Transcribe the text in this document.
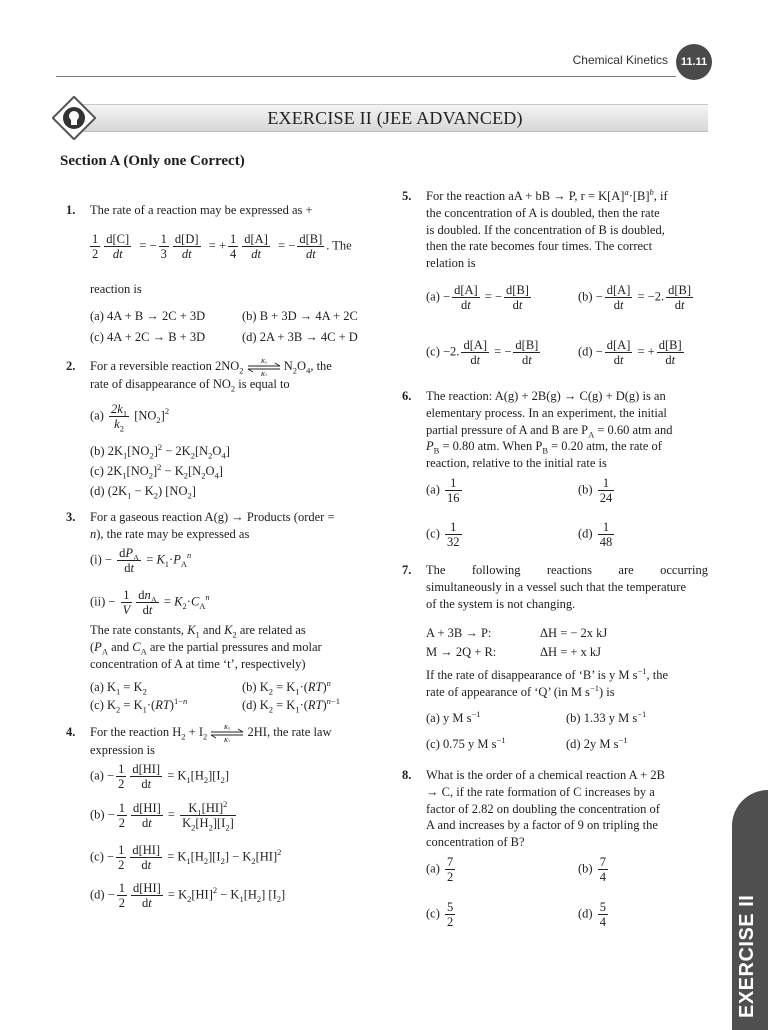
Chemical Kinetics	11.11
EXERCISE II (JEE ADVANCED)
Section A (Only one Correct)
1. The rate of a reaction may be expressed as +
$\frac{1}{2} \frac{d[C]}{dt}$ = − $\frac{1}{3} \frac{d[D]}{dt}$ = + $\frac{1}{4} \frac{d[A]}{dt}$ = − $\frac{d[B]}{dt}$ . The
reaction is
(a) 4A + B → 2C + 3D	(b) B + 3D → 4A + 2C
(c) 4A + 2C → B + 3D	(d) 2A + 3B → 4C + D
2. For a reversible reaction $2NO_2$
K 1
K 2
$N_2O_4$, the
rate of disappearance of $NO_2$ is equal to
$(a) \frac{2k_1}{k_2} [NO_2]^2$
(b) $2K_1[NO_2]^2 - 2K_2[N_2O_4]$
(c) $2K_1[NO_2]^2 - K_2[N_2O_4]$
(d) $(2K_1 - K_2)$ $[NO_2]$
3. For a gaseous reaction A(g) → Products (order =
n), the rate may be expressed as
$(i) - \frac{dP_A}{dt} = K_1\cdot P_A^n$
$(ii) - \frac{1}{V} \frac{dn_A}{dt} = K_2\cdot C_A^n$
The rate constants, $K_1$ and $K_2$ are related as
($P_A$ and $C_A$ are the partial pressures and molar
concentration of A at time ‘t’, respectively)
(a) $K_1 = K_2$	(b) $K_2 = K_1\cdot(RT)^n$
(c) $K_2 = K_1\cdot(RT)^{1-n}$	(d) $K_2 = K_1\cdot(RT)^{n-1}$
4. For the reaction $H_2 + I_2$
K 1
K 2
2HI, the rate law
expression is
$(a) - \frac{1}{2} \frac{d[HI]}{dt} = K_1[H_2][I_2]$
$(b) - \frac{1}{2} \frac{d[HI]}{dt} = \frac{K_1[HI]^2}{K_2[H_2][I_2]}$
$(c) - \frac{1}{2} \frac{d[HI]}{dt} = K_1[H_2][I_2] - K_2[HI]^2$
$(d) - \frac{1}{2} \frac{d[HI]}{dt} = K_2[HI]^2 - K_1[H_2]$ $[I_2]$
5. For the reaction aA + bB → P, $r = K[A]^a\cdot[B]^b$, if
the concentration of A is doubled, then the rate
is doubled. If the concentration of B is doubled,
then the rate becomes four times. The correct
relation is
$(a) - \frac{d[A]}{dt}$ = − $\frac{d[B]}{dt}$	$(b) - \frac{d[A]}{dt} = -2$. $\frac{d[B]}{dt}$
(c) −2. $\frac{d[A]}{dt}$ = − $\frac{d[B]}{dt}$	$(d) - \frac{d[A]}{dt}$ = + $\frac{d[B]}{dt}$
6. The reaction: A(g) + 2B(g) → C(g) + D(g) is an
elementary process. In an experiment, the initial
partial pressure of A and B are $P_A = 0.60$ atm and
$P_B = 0.80$ atm. When $P_B = 0.20$ atm, the rate of
reaction, relative to the initial rate is
$(a) \frac{1}{16}$	$(b) \frac{1}{24}$
$(c) \frac{1}{32}$	$(d) \frac{1}{48}$
7. The following reactions are occurring
simultaneously in a vessel such that the temperature
of the system is not changing.
A + 3B → P:	ΔH = − 2x kJ
M → 2Q + R:	ΔH = + x kJ
If the rate of disappearance of ‘B’ is y M $s^{-1}$, the
rate of appearance of ‘Q’ (in M $s^{-1}$) is
(a) y M $s^{-1}$	(b) 1.33 y M $s^{-1}$
(c) 0.75 y M $s^{-1}$	(d) 2y M $s^{-1}$
8. What is the order of a chemical reaction A + 2B
→ C, if the rate formation of C increases by a
factor of 2.82 on doubling the concentration of
A and increases by a factor of 9 on tripling the
concentration of B?
$(a) \frac{7}{2}$	$(b) \frac{7}{4}$
$(c) \frac{5}{2}$	$(d) \frac{5}{4}$	EXERCISE II
